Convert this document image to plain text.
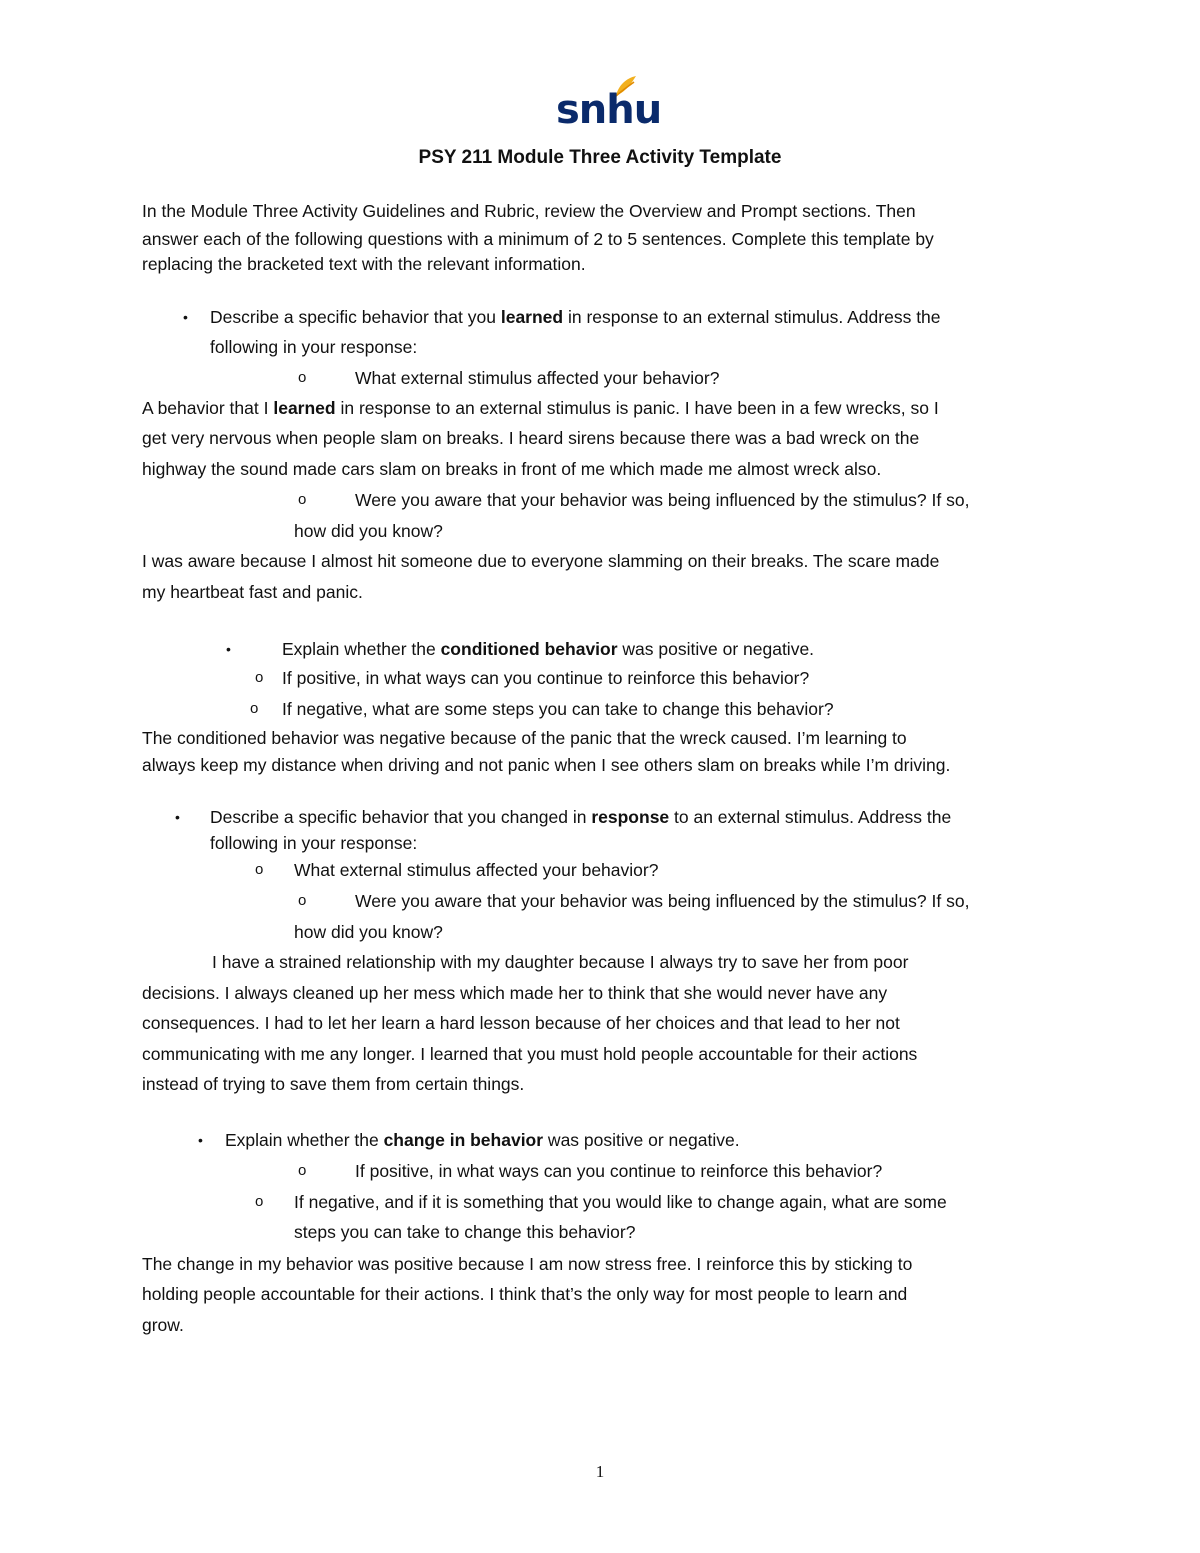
snhu
PSY 211 Module Three Activity Template
In the Module Three Activity Guidelines and Rubric, review the Overview and Prompt sections. Then
answer each of the following questions with a minimum of 2 to 5 sentences. Complete this template by
replacing the bracketed text with the relevant information.
• Describe a specific behavior that you learned in response to an external stimulus. Address the
following in your response:
o	What external stimulus affected your behavior?
A behavior that I learned in response to an external stimulus is panic. I have been in a few wrecks, so I
get very nervous when people slam on breaks. I heard sirens because there was a bad wreck on the
highway the sound made cars slam on breaks in front of me which made me almost wreck also.
o	Were you aware that your behavior was being influenced by the stimulus? If so,
how did you know?
I was aware because I almost hit someone due to everyone slamming on their breaks. The scare made
my heartbeat fast and panic.
•	Explain whether the conditioned behavior was positive or negative.
o If positive, in what ways can you continue to reinforce this behavior?
o If negative, what are some steps you can take to change this behavior?
The conditioned behavior was negative because of the panic that the wreck caused. I’m learning to
always keep my distance when driving and not panic when I see others slam on breaks while I’m driving.
• Describe a specific behavior that you changed in response to an external stimulus. Address the
following in your response:
o What external stimulus affected your behavior?
o	Were you aware that your behavior was being influenced by the stimulus? If so,
how did you know?
I have a strained relationship with my daughter because I always try to save her from poor
decisions. I always cleaned up her mess which made her to think that she would never have any
consequences. I had to let her learn a hard lesson because of her choices and that lead to her not
communicating with me any longer. I learned that you must hold people accountable for their actions
instead of trying to save them from certain things.
• Explain whether the change in behavior was positive or negative.
o	If positive, in what ways can you continue to reinforce this behavior?
o If negative, and if it is something that you would like to change again, what are some
steps you can take to change this behavior?
The change in my behavior was positive because I am now stress free. I reinforce this by sticking to
holding people accountable for their actions. I think that’s the only way for most people to learn and
grow.
1
